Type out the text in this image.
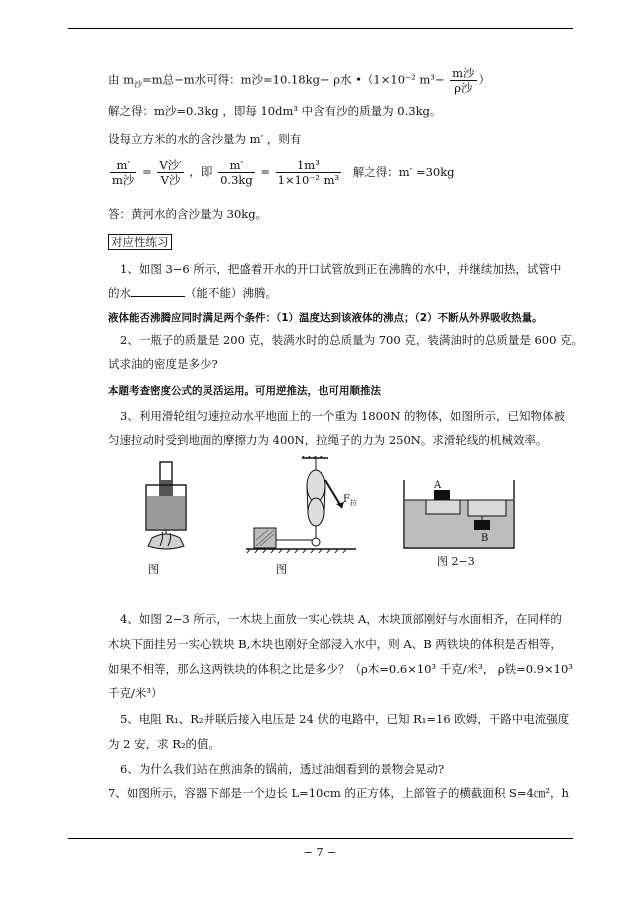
由 $m_沙=m$总−m水可得：m沙=10.18kg− ρ水 •（1×10⁻² $m^3- \frac{\text{m沙}}{\text{ρ沙}}$ ）
解之得：m沙=0.3kg ，即每 10dm³ 中含有沙的质量为 0.3kg。
设每立方米的水的含沙量为 m′ ，则有
$\frac{m'}{\text{m沙}} = \frac{\text{V沙′}}{\text{V沙}}$ ，即 $\frac{m'}{0.3kg} = \frac{\text{1m³}}{\text{1×10⁻² m³}}$ 解之得：m′ =30kg
答：黄河水的含沙量为 30kg。
对应性练习
1、如图 3−6 所示，把盛着开水的开口试管放到正在沸腾的水中，并继续加热，试管中
的水	（能不能）沸腾。
液体能否沸腾应同时满足两个条件：（1）温度达到该液体的沸点；（2）不断从外界吸收热量。
2、一瓶子的质量是 200 克，装满水时的总质量为 700 克，装满油时的总质量是 600 克。
试求油的密度是多少?
本题考查密度公式的灵活运用。可用逆推法，也可用顺推法
3、利用滑轮组匀速拉动水平地面上的一个重为 1800N 的物体，如图所示，已知物体被
匀速拉动时受到地面的摩擦力为 400N，拉绳子的力为 250N。求滑轮线的机械效率。
图
$F_拉$
图
A
B
图 2−3
4、如图 2−3 所示，一木块上面放一实心铁块 A，木块顶部刚好与水面相齐，在同样的
木块下面挂另一实心铁块 B,木块也刚好全部浸入水中，则 A、B 两铁块的体积是否相等，
如果不相等，那么这两铁块的体积之比是多少？（ρ木=0.6×10³ 千克/米³， ρ铁=0.9×10³
千克/米³）
5、电阻 R₁、R₂并联后接入电压是 24 伏的电路中，已知 R₁=16 欧姆，干路中电流强度
为 2 安，求 R₂的值。
6、为什么我们站在煎油条的锅前，透过油烟看到的景物会晃动?
7、如图所示，容器下部是一个边长 L=10cm 的正方体，上部管子的横截面积 S=4㎝²，h
− 7 −
